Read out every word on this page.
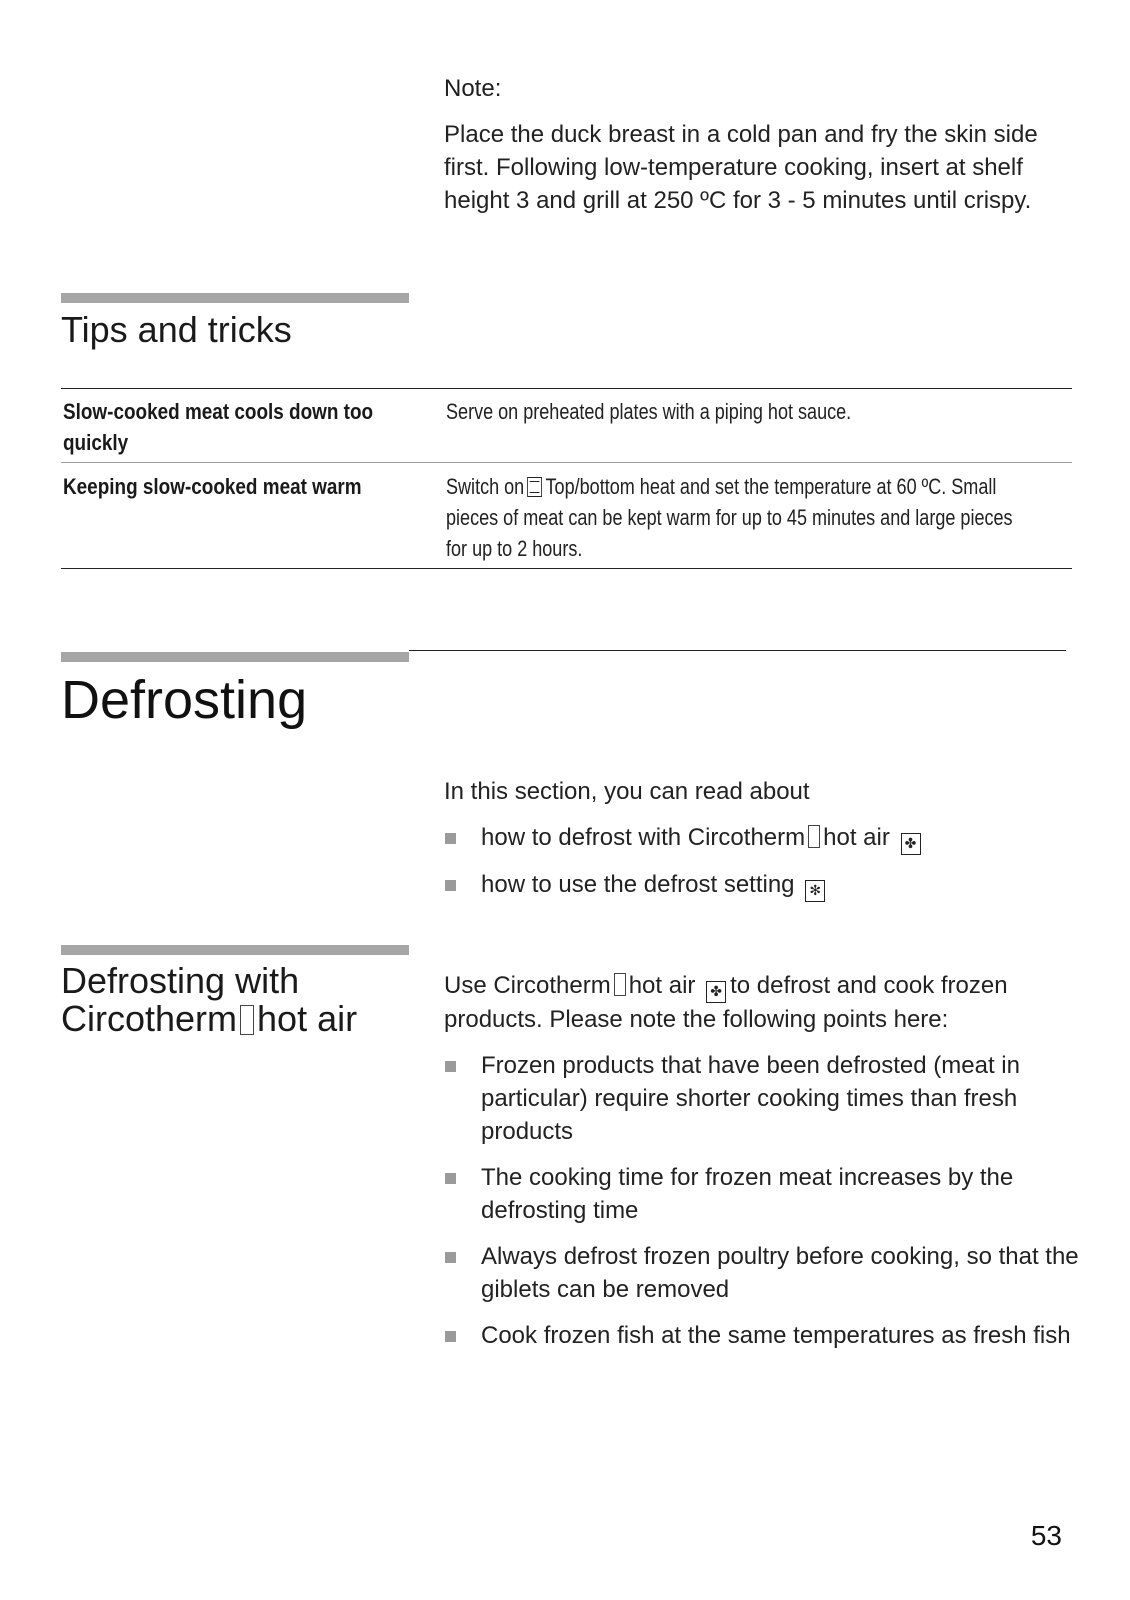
Note:
Place the duck breast in a cold pan and fry the skin side first. Following low-temperature cooking, insert at shelf height 3 and grill at 250 ºC for 3 - 5 minutes until crispy.
Tips and tricks
Slow-cooked meat cools down too quickly
Serve on preheated plates with a piping hot sauce.
Keeping slow-cooked meat warm	Switch on Top/bottom heat and set the temperature at 60 ºC. Small pieces of meat can be kept warm for up to 45 minutes and large pieces for up to 2 hours.
Defrosting
In this section, you can read about
how to defrost with Circotherm hot air ✤
how to use the defrost setting ✻
Defrosting with
Circotherm hot air
Use Circotherm hot air ✤ to defrost and cook frozen products. Please note the following points here:
Frozen products that have been defrosted (meat in particular) require shorter cooking times than fresh products
The cooking time for frozen meat increases by the defrosting time
Always defrost frozen poultry before cooking, so that the giblets can be removed
Cook frozen fish at the same temperatures as fresh fish
53
